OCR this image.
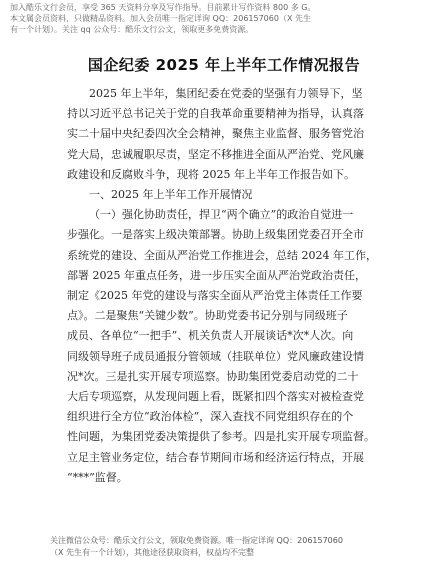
加入酷乐文行会员，享受 365 天资料分享及写作指导。目前累计写作资料 800 多 G。
本文属会员资料，只做精品资料。加入会员唯一指定详询 QQ：206157060（X 先生
有一个计划）。关注 qq 公众号：酷乐文行公文，领取更多免费资源。
国企纪委 2025 年上半年工作情况报告
2025 年上半年，集团纪委在党委的坚强有力领导下，坚
持以习近平总书记关于党的自我革命重要精神为指导，认真落
实二十届中央纪委四次全会精神，聚焦主业监督、服务管党治
党大局，忠诚履职尽责，坚定不移推进全面从严治党、党风廉
政建设和反腐败斗争，现将 2025 年上半年工作报告如下。
一、2025 年上半年工作开展情况
（一）强化协助责任，捍卫“两个确立”的政治自觉进一
步强化。一是落实上级决策部署。协助上级集团党委召开全市
系统党的建设、全面从严治党工作推进会，总结 2024 年工作，
部署 2025 年重点任务，进一步压实全面从严治党政治责任，
制定《2025 年党的建设与落实全面从严治党主体责任工作要
点》。二是聚焦“关键少数”。协助党委书记分别与同级班子
成员、各单位“一把手”、机关负责人开展谈话*次*人次。向
同级领导班子成员通报分管领域（挂联单位）党风廉政建设情
况*次。三是扎实开展专项巡察。协助集团党委启动党的二十
大后专项巡察，从发现问题上看，既紧扣四个落实对被检查党
组织进行全方位“政治体检”，深入查找不同党组织存在的个
性问题，为集团党委决策提供了参考。四是扎实开展专项监督。
立足主管业务定位，结合春节期间市场和经济运行特点，开展
“***”监督。
关注微信公众号：酷乐文行公文，领取免费资源。唯一指定详询 QQ：206157060
（X 先生有一个计划），其他途径获取资料，权益均不完整
